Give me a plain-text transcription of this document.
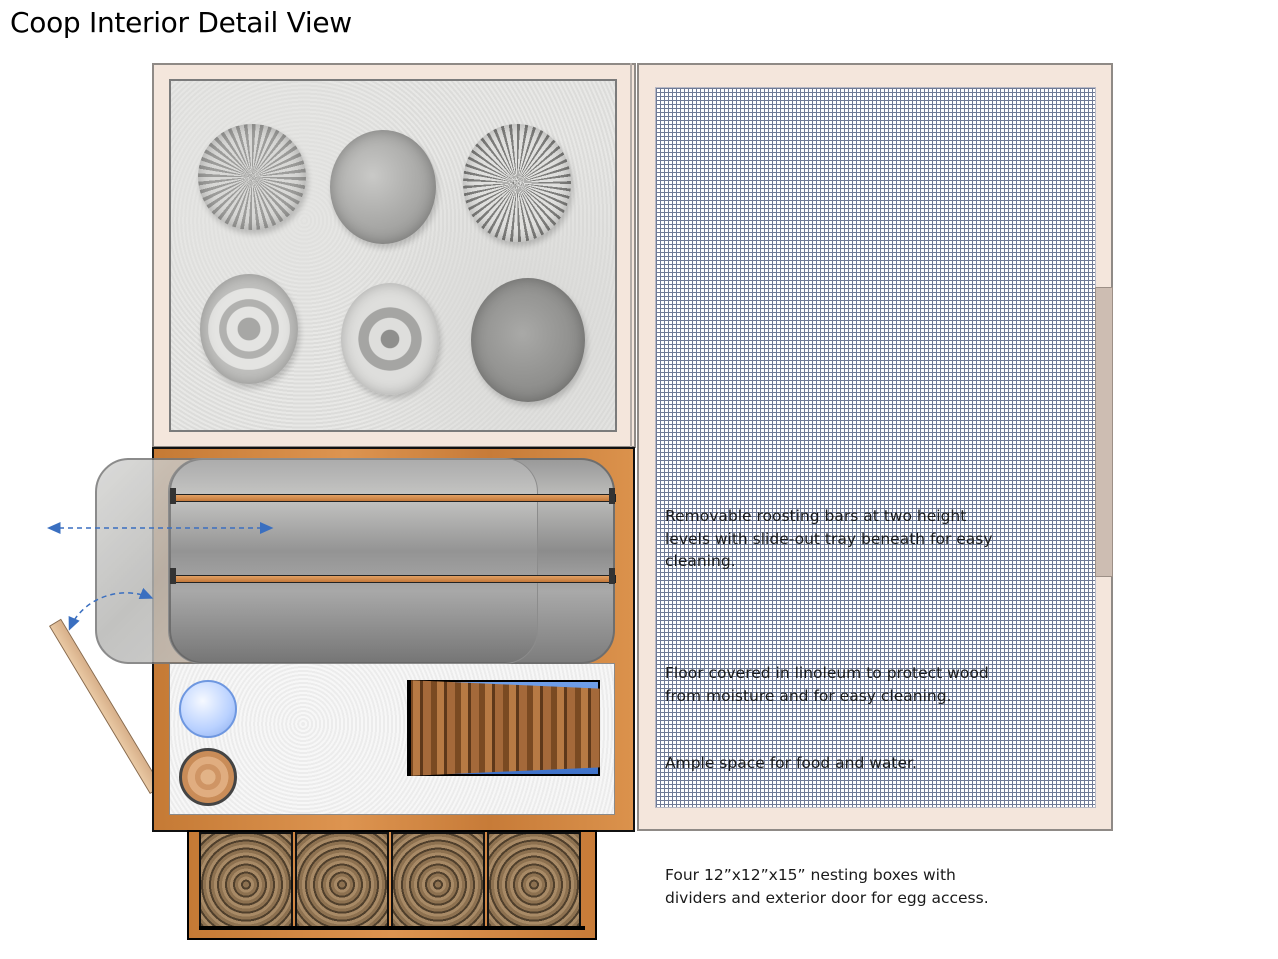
Coop Interior Detail View
Removable roosting bars at two height levels with slide-out tray beneath for easy cleaning.
Floor covered in linoleum to protect wood from moisture and for easy cleaning.
Ample space for food and water.
Four 12”x12”x15” nesting boxes with dividers and exterior door for egg access.
